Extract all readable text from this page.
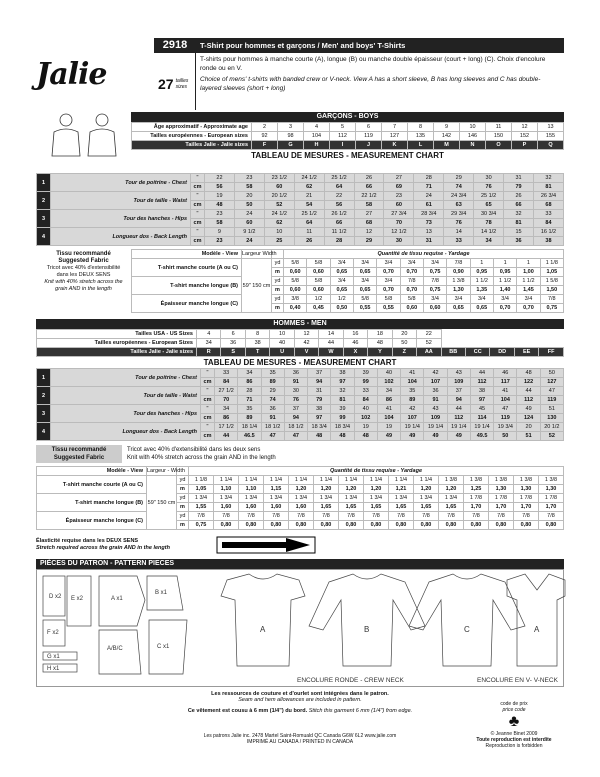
Jalie
2918
27 tailles sizes
T-Shirt pour hommes et garçons / Men' and boys' T-Shirts
T-shirts pour hommes à manche courte (A), longue (B) ou manche double épaisseur (court + long) (C). Choix d'encolure ronde ou en V.
Choice of mens' t-shirts with banded crew or V-neck. View A has a short sleeve, B has long sleeves and C has double-layered sleeves (short + long)
GARÇONS - BOYS
Âge approximatif - Approximate age	2	3	4	5	6	7	8	9	10	11	12	13
Tailles européennes - European sizes	92	98	104	112	119	127	135	142	146	150	152	155
Tailles Jalie - Jalie sizes	F	G	H	I	J	K	L	M	N	O	P	Q
TABLEAU DE MESURES - MEASUREMENT CHART
1	Tour de poitrine - Chest	"	22	23	23 1/2	24 1/2	25 1/2	26	27	28	29	30	31	32
		cm	56	58	60	62	64	66	69	71	74	76	79	81
2	Tour de taille - Waist	"	19	20	20 1/2	21	22	22 1/2	23	24	24 3/4	25 1/2	26	26 3/4
		cm	48	50	52	54	56	58	60	61	63	65	66	68
3	Tour des hanches - Hips	"	23	24	24 1/2	25 1/2	26 1/2	27	27 3/4	28 3/4	29 3/4	30 3/4	32	33
		cm	58	60	62	64	66	68	70	73	76	78	81	84
4	Longueur dos - Back Length	"	9	9 1/2	10	11	11 1/2	12	12 1/2	13	14	14 1/2	15	16 1/2
		cm	23	24	25	26	28	29	30	31	33	34	36	38
Tissu recommandé
Suggested Fabric
Tricot avec 40% d'extensibilité dans les DEUX SENS
Knit with 40% stretch across the grain AND in the length
Modèle - View	Largeur Width		Quantité de tissu requise - Yardage											
T-shirt manche courte (A ou C)	59" 150 cm	yd	5/8	5/8	3/4	3/4	3/4	3/4	3/4	7/8	1	1	1	1 1/8
		m	0,60	0,60	0,65	0,65	0,70	0,70	0,75	0,90	0,95	0,95	1,00	1,05
T-shirt manche longue (B)		yd	5/8	5/8	3/4	3/4	3/4	7/8	7/8	1 3/8	1 1/2	1 1/2	1 1/2	1 5/8
		m	0,60	0,60	0,65	0,65	0,70	0,70	0,75	1,30	1,35	1,40	1,45	1,50
Épaisseur manche longue (C)		yd	3/8	1/2	1/2	5/8	5/8	5/8	3/4	3/4	3/4	3/4	3/4	7/8
		m	0,40	0,45	0,50	0,55	0,55	0,60	0,60	0,65	0,65	0,70	0,70	0,75
HOMMES - MEN
Tailles USA - US Sizes	4	6	8	10	12	14	16	18	20	22					
Tailles européennes - European Sizes	34	36	38	40	42	44	46	48	50	52					
Tailles Jalie - Jalie sizes	R	S	T	U	V	W	X	Y	Z	AA	BB	CC	DD	EE	FF
TABLEAU DE MESURES - MEASUREMENT CHART
1	Tour de poitrine - Chest	"	33	34	35	36	37	38	39	40	41	42	43	44	46	48	50
		cm	84	86	89	91	94	97	99	102	104	107	109	112	117	122	127
2	Tour de taille - Waist	"	27 1/2	28	29	30	31	32	33	34	35	36	37	38	41	44	47
		cm	70	71	74	76	79	81	84	86	89	91	94	97	104	112	119
3	Tour des hanches - Hips	"	34	35	36	37	38	39	40	41	42	43	44	45	47	49	51
		cm	86	89	91	94	97	99	102	104	107	109	112	114	119	124	130
4	Longueur dos - Back Length	"	17 1/2	18 1/4	18 1/2	18 1/2	18 3/4	18 3/4	19	19	19 1/4	19 1/4	19 1/4	19 1/4	19 3/4	20	20 1/2
		cm	44	46.5	47	47	48	48	48	49	49	49	49	49.5	50	51	52
Tissu recommandé
Suggested Fabric
Tricot avec 40% d'extensibilité dans les deux sens
Knit with 40% stretch across the grain AND in the length
Modèle - View	Largeur - Width		Quantité de tissu requise - Yardage														
T-shirt manche courte (A ou C)	59" 150 cm	yd	1 1/8	1 1/4	1 1/4	1 1/4	1 1/4	1 1/4	1 1/4	1 1/4	1 1/4	1 1/4	1 3/8	1 3/8	1 3/8	1 3/8	1 3/8
		m	1,05	1,10	1,10	1,15	1,20	1,20	1,20	1,20	1,21	1,20	1,20	1,25	1,30	1,30	1,30
T-shirt manche longue (B)		yd	1 3/4	1 3/4	1 3/4	1 3/4	1 3/4	1 3/4	1 3/4	1 3/4	1 3/4	1 3/4	1 3/4	1 7/8	1 7/8	1 7/8	1 7/8
		m	1,55	1,60	1,60	1,60	1,60	1,65	1,65	1,65	1,65	1,65	1,65	1,70	1,70	1,70	1,70
Épaisseur manche longue (C)		yd	7/8	7/8	7/8	7/8	7/8	7/8	7/8	7/8	7/8	7/8	7/8	7/8	7/8	7/8	7/8
		m	0,75	0,80	0,80	0,80	0,80	0,80	0,80	0,80	0,80	0,80	0,80	0,80	0,80	0,80	0,80
Élasticité requise dans les DEUX SENS
Stretch required across the grain AND in the length
PIÈCES DU PATRON - PATTERN PIECES
D x2 E x2
F x2
G x1
H x1
A x1
A/B/C
B x1
C x1
A	B	C	A
ENCOLURE RONDE - CREW NECK	ENCOLURE EN V- V-NECK
Les ressources de couture et d'ourlet sont intégrées dans le patron.
Seam and hem allowances are included in pattern.
Ce vêtement est cousu à 6 mm (1/4") du bord. Stitch this garment 6 mm (1/4") from edge.
Les patrons Jalie inc. 2478 Martel Saint-Romuald QC Canada G6W 6L2 www.jalie.com
IMPRIMÉ AU CANADA / PRINTED IN CANADA
code de prix
price code
♣
© Jeanne Binet 2009
Toute reproduction est interdite
Reproduction is forbidden
